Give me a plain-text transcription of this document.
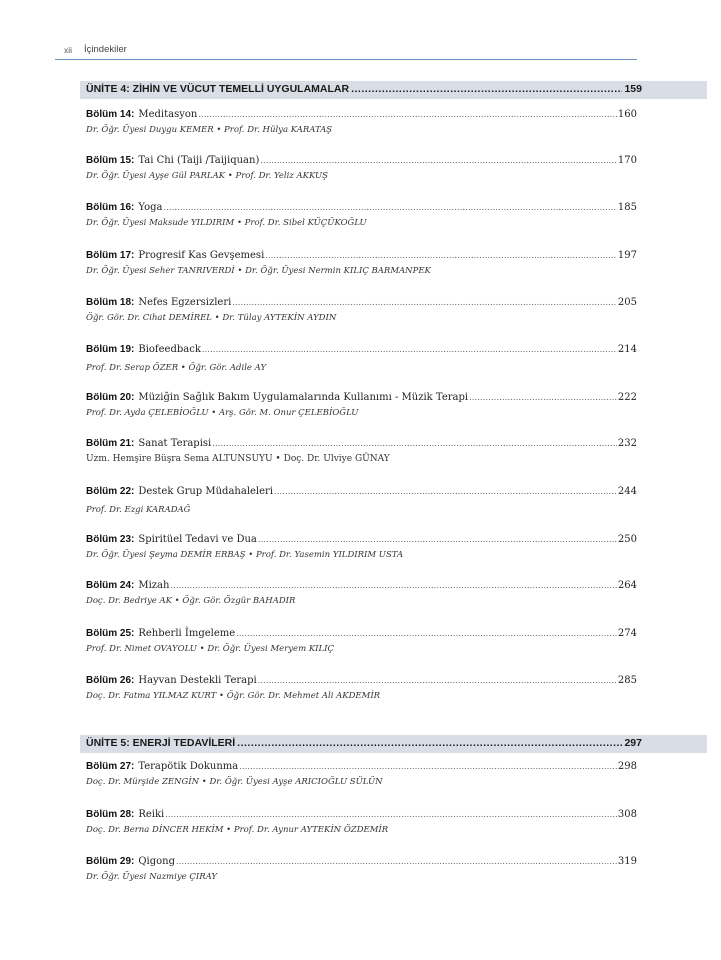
xii İçindekiler
ÜNİTE 4: ZİHİN VE VÜCUT TEMELLİ UYGULAMALAR .....	159
Bölüm 14: Meditasyon .....	160
Dr. Öğr. Üyesi Duygu KEMER • Prof. Dr. Hülya KARATAŞ
Bölüm 15: Tai Chi (Taiji /Taijiquan) .....	170
Dr. Öğr. Üyesi Ayşe Gül PARLAK • Prof. Dr. Yeliz AKKUŞ
Bölüm 16: Yoga .....	185
Dr. Öğr. Üyesi Maksude YILDIRIM • Prof. Dr. Sibel KÜÇÜKOĞLU
Bölüm 17: Progresif Kas Gevşemesi .....	197
Dr. Öğr. Üyesi Seher TANRIVERDİ • Dr. Öğr. Üyesi Nermin KILIÇ BARMANPEK
Bölüm 18: Nefes Egzersizleri .....	205
Öğr. Gör. Dr. Cihat DEMİREL • Dr. Tülay AYTEKİN AYDIN
Bölüm 19: Biofeedback .....	214
Prof. Dr. Serap ÖZER • Öğr. Gör. Adile AY
Bölüm 20: Müziğin Sağlık Bakım Uygulamalarında Kullanımı - Müzik Terapi .....	222
Prof. Dr. Ayda ÇELEBİOĞLU • Arş. Gör. M. Onur ÇELEBİOĞLU
Bölüm 21: Sanat Terapisi .....	232
Uzm. Hemşire Büşra Sema ALTUNSUYU • Doç. Dr. Ulviye GÜNAY
Bölüm 22: Destek Grup Müdahaleleri .....	244
Prof. Dr. Ezgi KARADAĞ
Bölüm 23: Spiritüel Tedavi ve Dua .....	250
Dr. Öğr. Üyesi Şeyma DEMİR ERBAŞ • Prof. Dr. Yasemin YILDIRIM USTA
Bölüm 24: Mizah .....	264
Doç. Dr. Bedriye AK • Öğr. Gör. Özgür BAHADIR
Bölüm 25: Rehberli İmgeleme .....	274
Prof. Dr. Nimet OVAYOLU • Dr. Öğr. Üyesi Meryem KILIÇ
Bölüm 26: Hayvan Destekli Terapi .....	285
Doç. Dr. Fatma YILMAZ KURT • Öğr. Gör. Dr. Mehmet Ali AKDEMİR
ÜNİTE 5: ENERJİ TEDAVİLERİ .....	297
Bölüm 27: Terapötik Dokunma .....	298
Doç. Dr. Mürşide ZENGİN • Dr. Öğr. Üyesi Ayşe ARICIOĞLU SÜLÜN
Bölüm 28: Reiki .....	308
Doç. Dr. Berna DİNCER HEKİM • Prof. Dr. Aynur AYTEKİN ÖZDEMİR
Bölüm 29: Qigong .....	319
Dr. Öğr. Üyesi Nazmiye ÇIRAY
